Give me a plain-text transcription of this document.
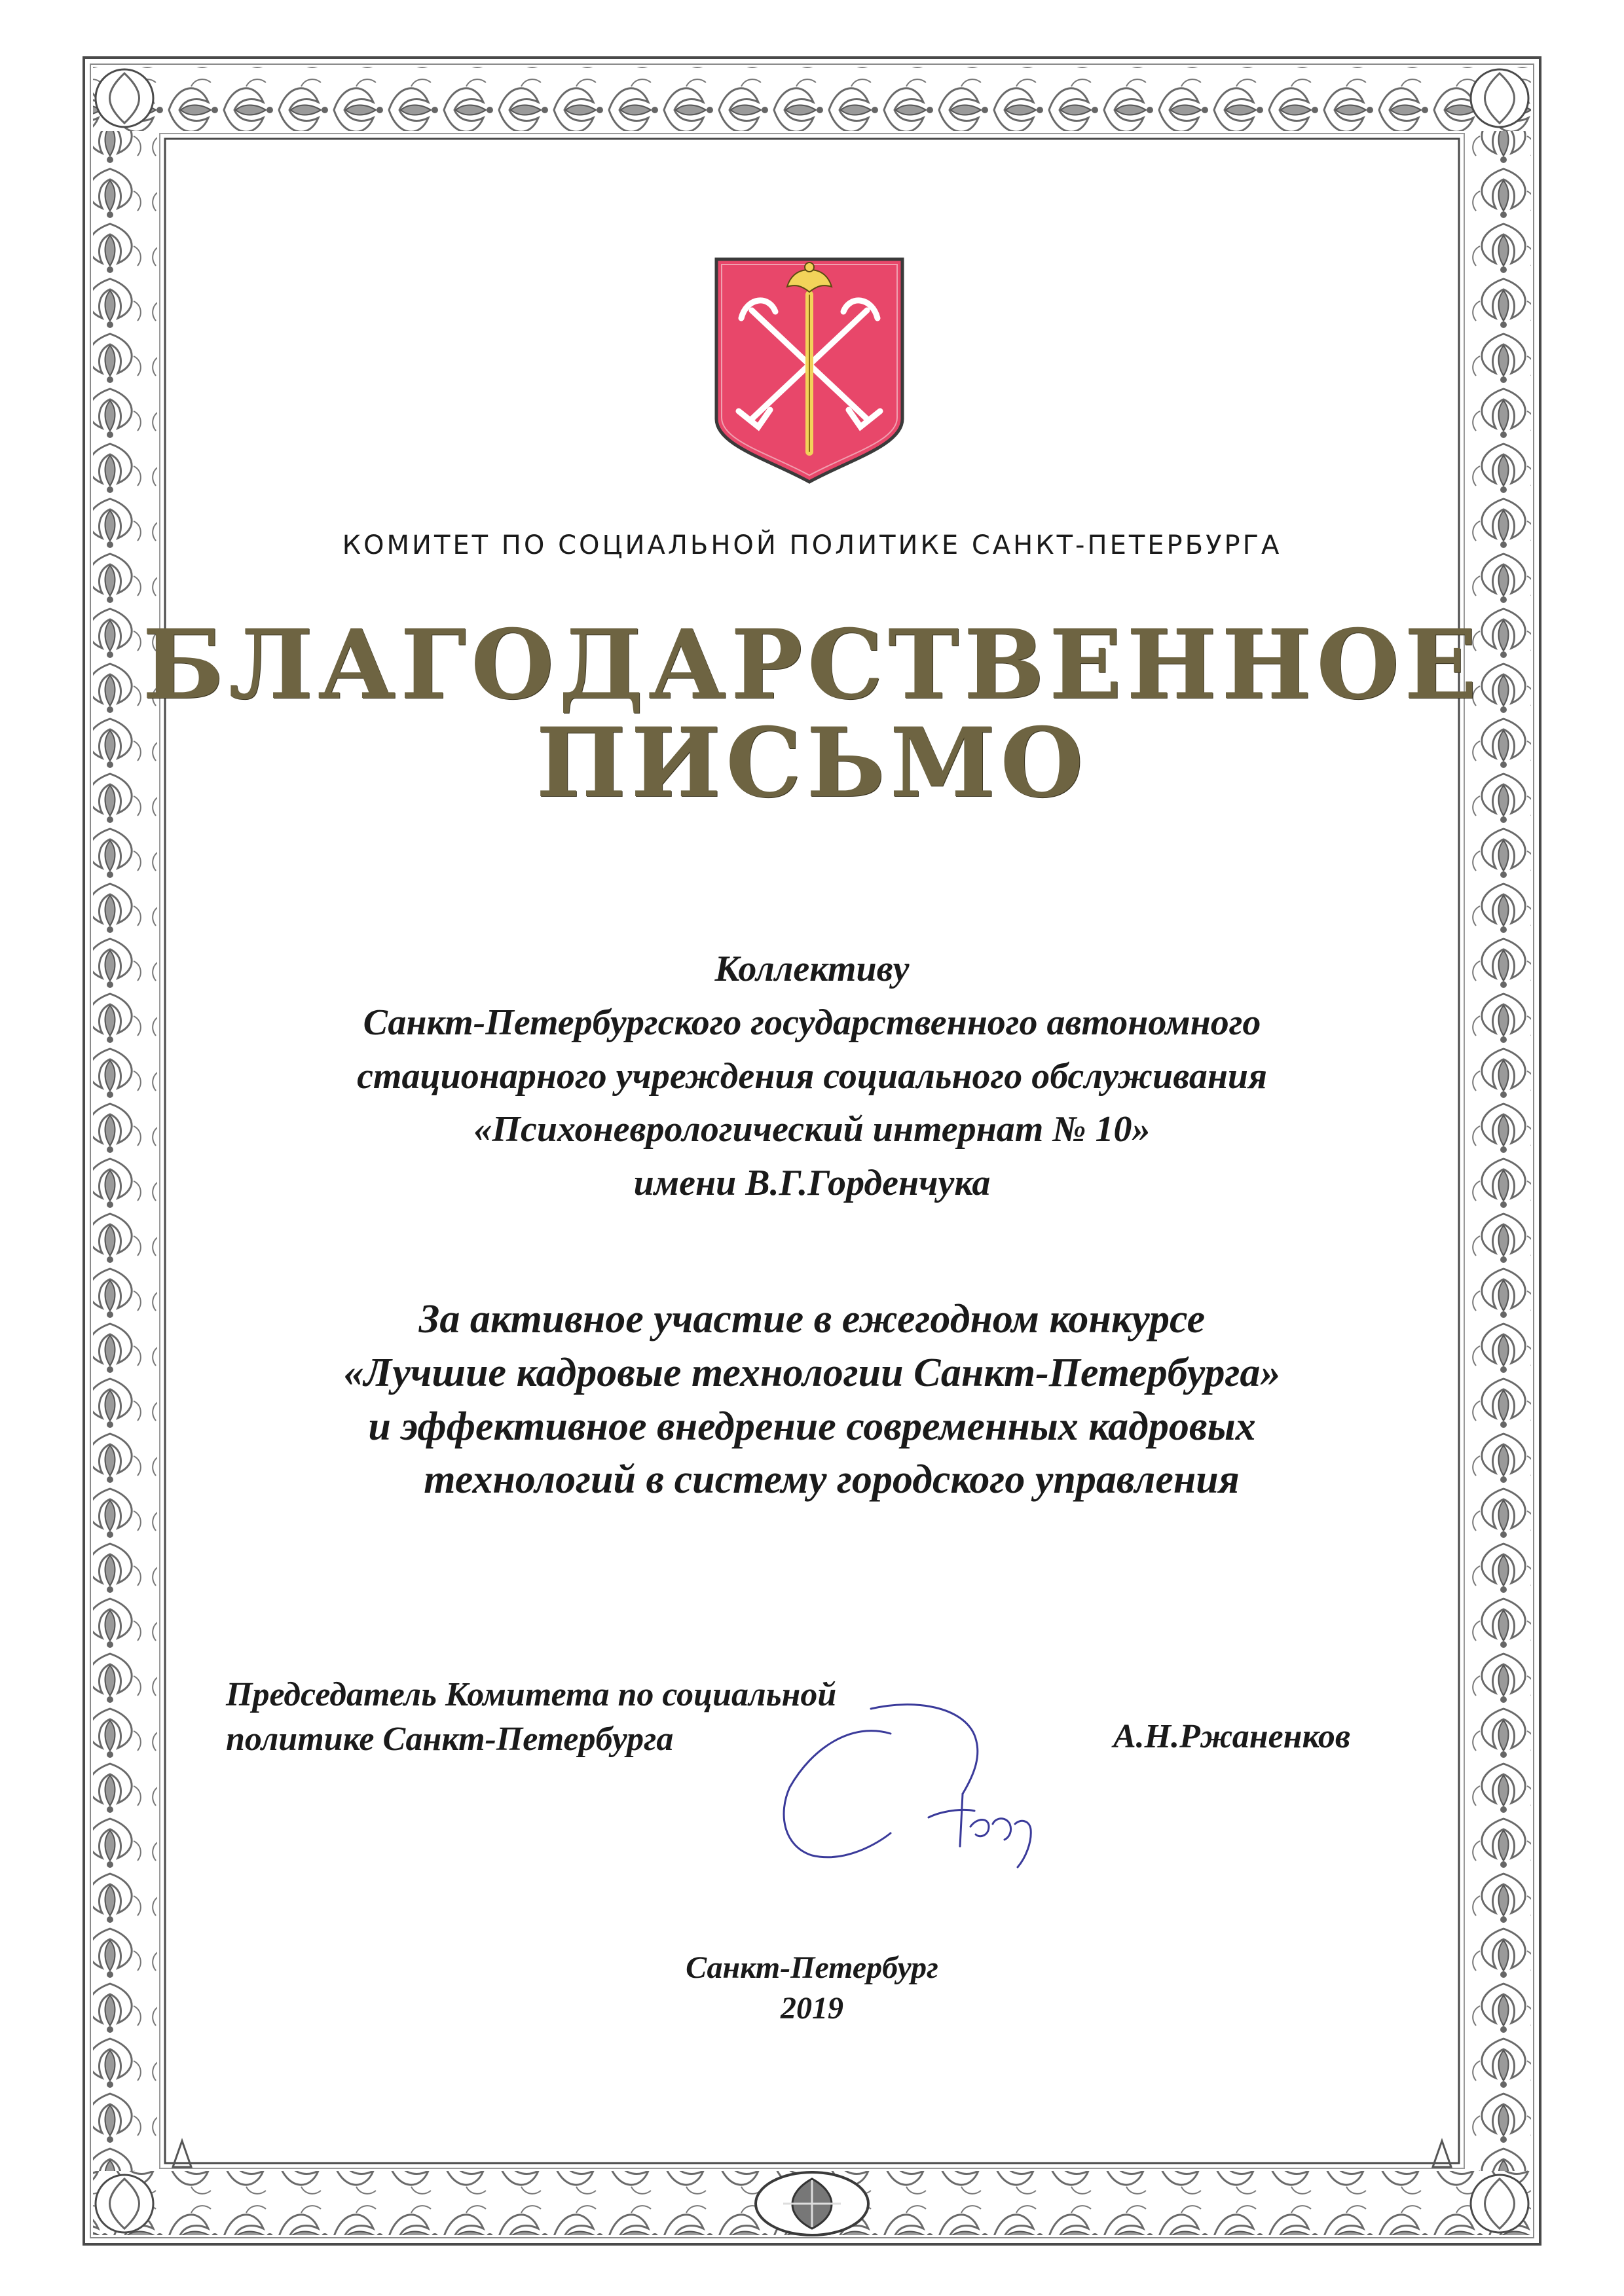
КОМИТЕТ ПО СОЦИАЛЬНОЙ ПОЛИТИКЕ САНКТ-ПЕТЕРБУРГА
БЛАГОДАРСТВЕННОЕ
ПИСЬМО
Коллективу
Санкт-Петербургского государственного автономного
стационарного учреждения социального обслуживания
«Психоневрологический интернат № 10»
имени В.Г.Горденчука
За активное участие в ежегодном конкурсе
«Лучшие кадровые технологии Санкт-Петербурга»
и эффективное внедрение современных кадровых
технологий в систему городского управления
Председатель Комитета по социальной
политике Санкт-Петербурга	А.Н.Ржаненков
Санкт-Петербург
2019
